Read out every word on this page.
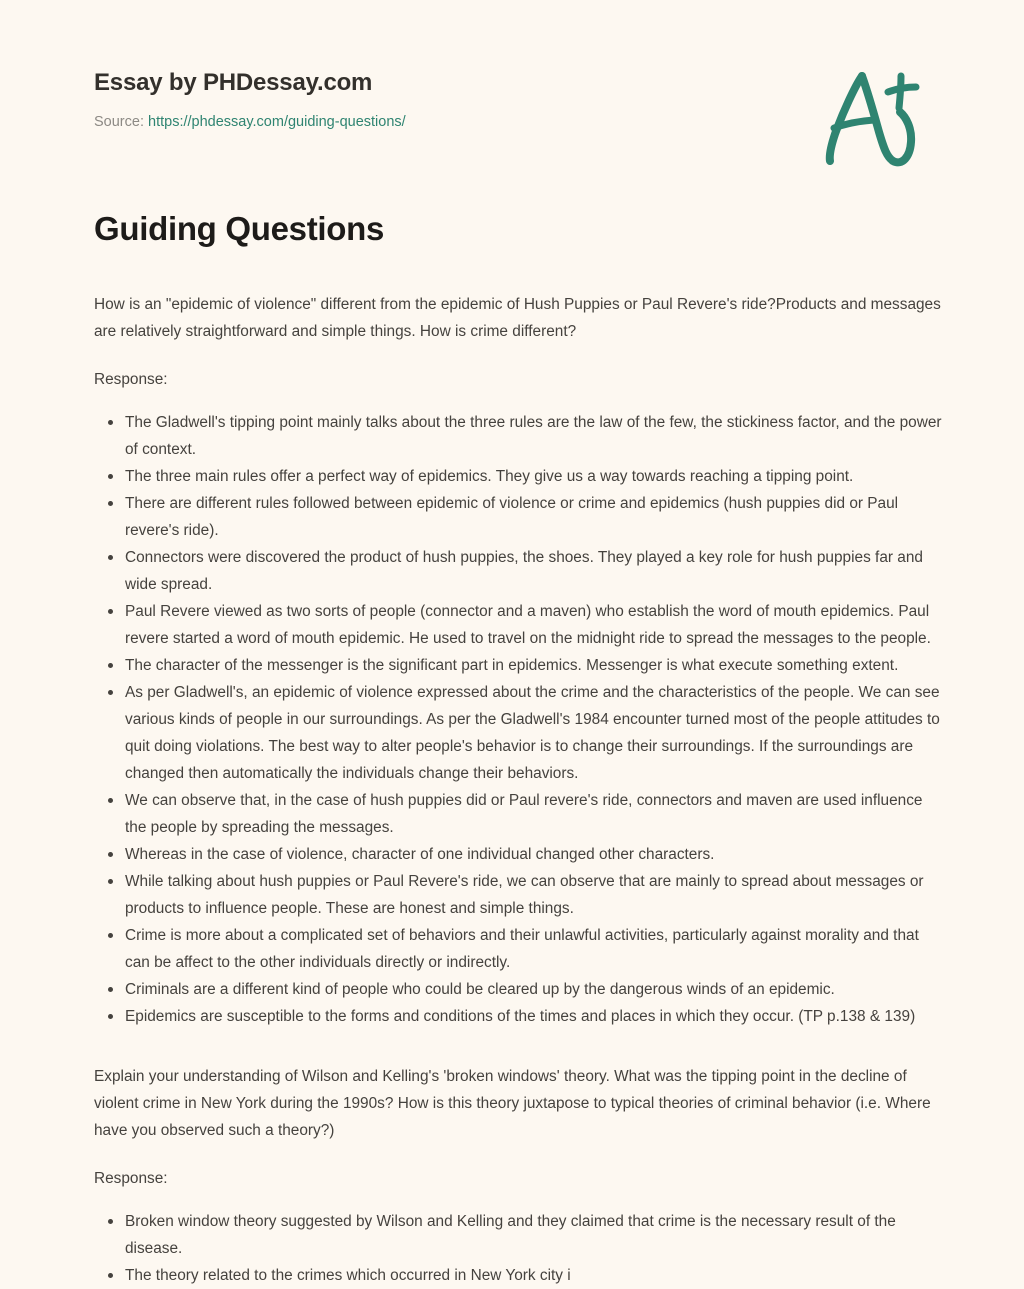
Essay by PHDessay.com
Source: https://phdessay.com/guiding-questions/
Guiding Questions

How is an "epidemic of violence" different from the epidemic of Hush Puppies or Paul Revere's ride?Products and messages are relatively straightforward and simple things. How is crime different?

Response:

The Gladwell's tipping point mainly talks about the three rules are the law of the few, the stickiness factor, and the power of context.
The three main rules offer a perfect way of epidemics. They give us a way towards reaching a tipping point.
There are different rules followed between epidemic of violence or crime and epidemics (hush puppies did or Paul revere's ride).
Connectors were discovered the product of hush puppies, the shoes. They played a key role for hush puppies far and wide spread.
Paul Revere viewed as two sorts of people (connector and a maven) who establish the word of mouth epidemics. Paul revere started a word of mouth epidemic. He used to travel on the midnight ride to spread the messages to the people.
The character of the messenger is the significant part in epidemics. Messenger is what execute something extent.
As per Gladwell's, an epidemic of violence expressed about the crime and the characteristics of the people. We can see various kinds of people in our surroundings. As per the Gladwell's 1984 encounter turned most of the people attitudes to quit doing violations. The best way to alter people's behavior is to change their surroundings. If the surroundings are changed then automatically the individuals change their behaviors.
We can observe that, in the case of hush puppies did or Paul revere's ride, connectors and maven are used influence the people by spreading the messages.
Whereas in the case of violence, character of one individual changed other characters.
While talking about hush puppies or Paul Revere's ride, we can observe that are mainly to spread about messages or products to influence people. These are honest and simple things.
Crime is more about a complicated set of behaviors and their unlawful activities, particularly against morality and that can be affect to the other individuals directly or indirectly.
Criminals are a different kind of people who could be cleared up by the dangerous winds of an epidemic.
Epidemics are susceptible to the forms and conditions of the times and places in which they occur. (TP p.138 & 139)

Explain your understanding of Wilson and Kelling's 'broken windows' theory. What was the tipping point in the decline of violent crime in New York during the 1990s? How is this theory juxtapose to typical theories of criminal behavior (i.e. Where have you observed such a theory?)

Response:

Broken window theory suggested by Wilson and Kelling and they claimed that crime is the necessary result of the disease.
The theory related to the crimes which occurred in New York city i
